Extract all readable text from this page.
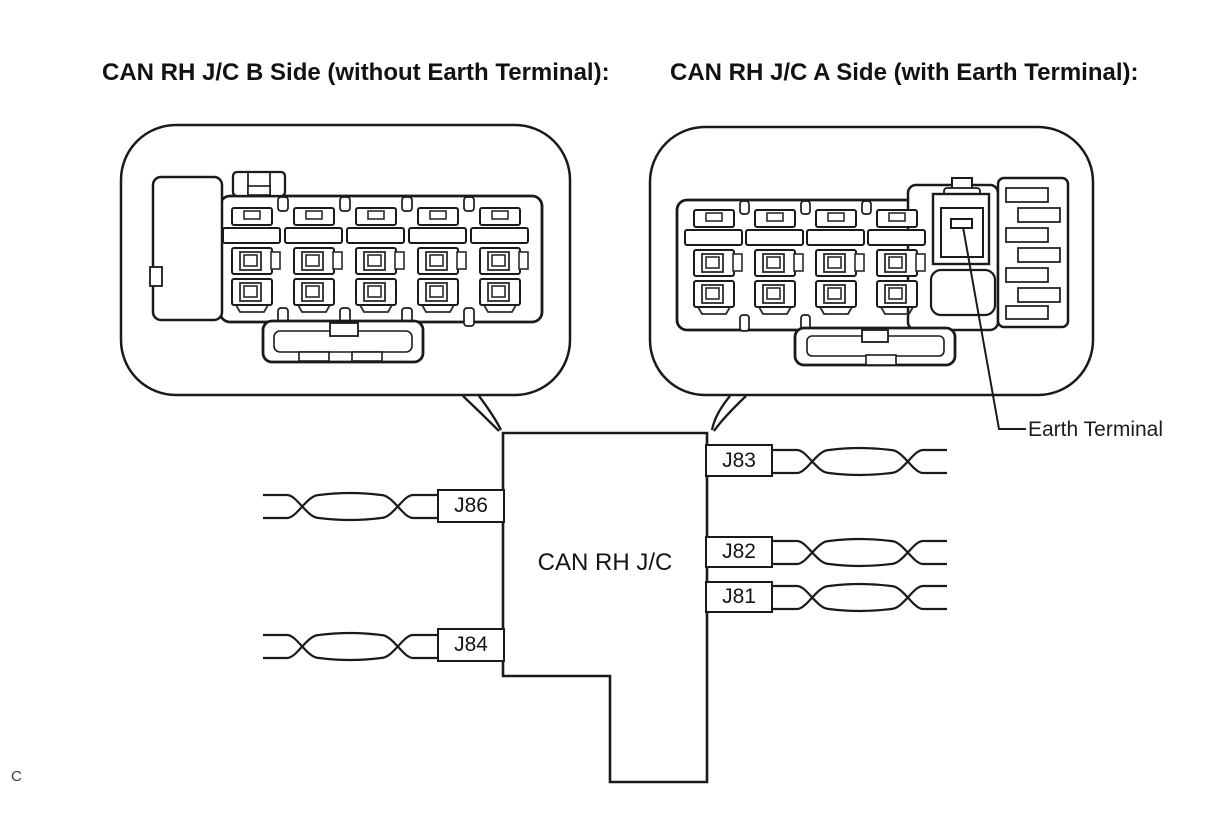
CAN RH J/C B Side (without Earth Terminal):	CAN RH J/C A Side (with Earth Terminal):
J86
J84
J83
J82
J81
CAN RH J/C
Earth Terminal
C
